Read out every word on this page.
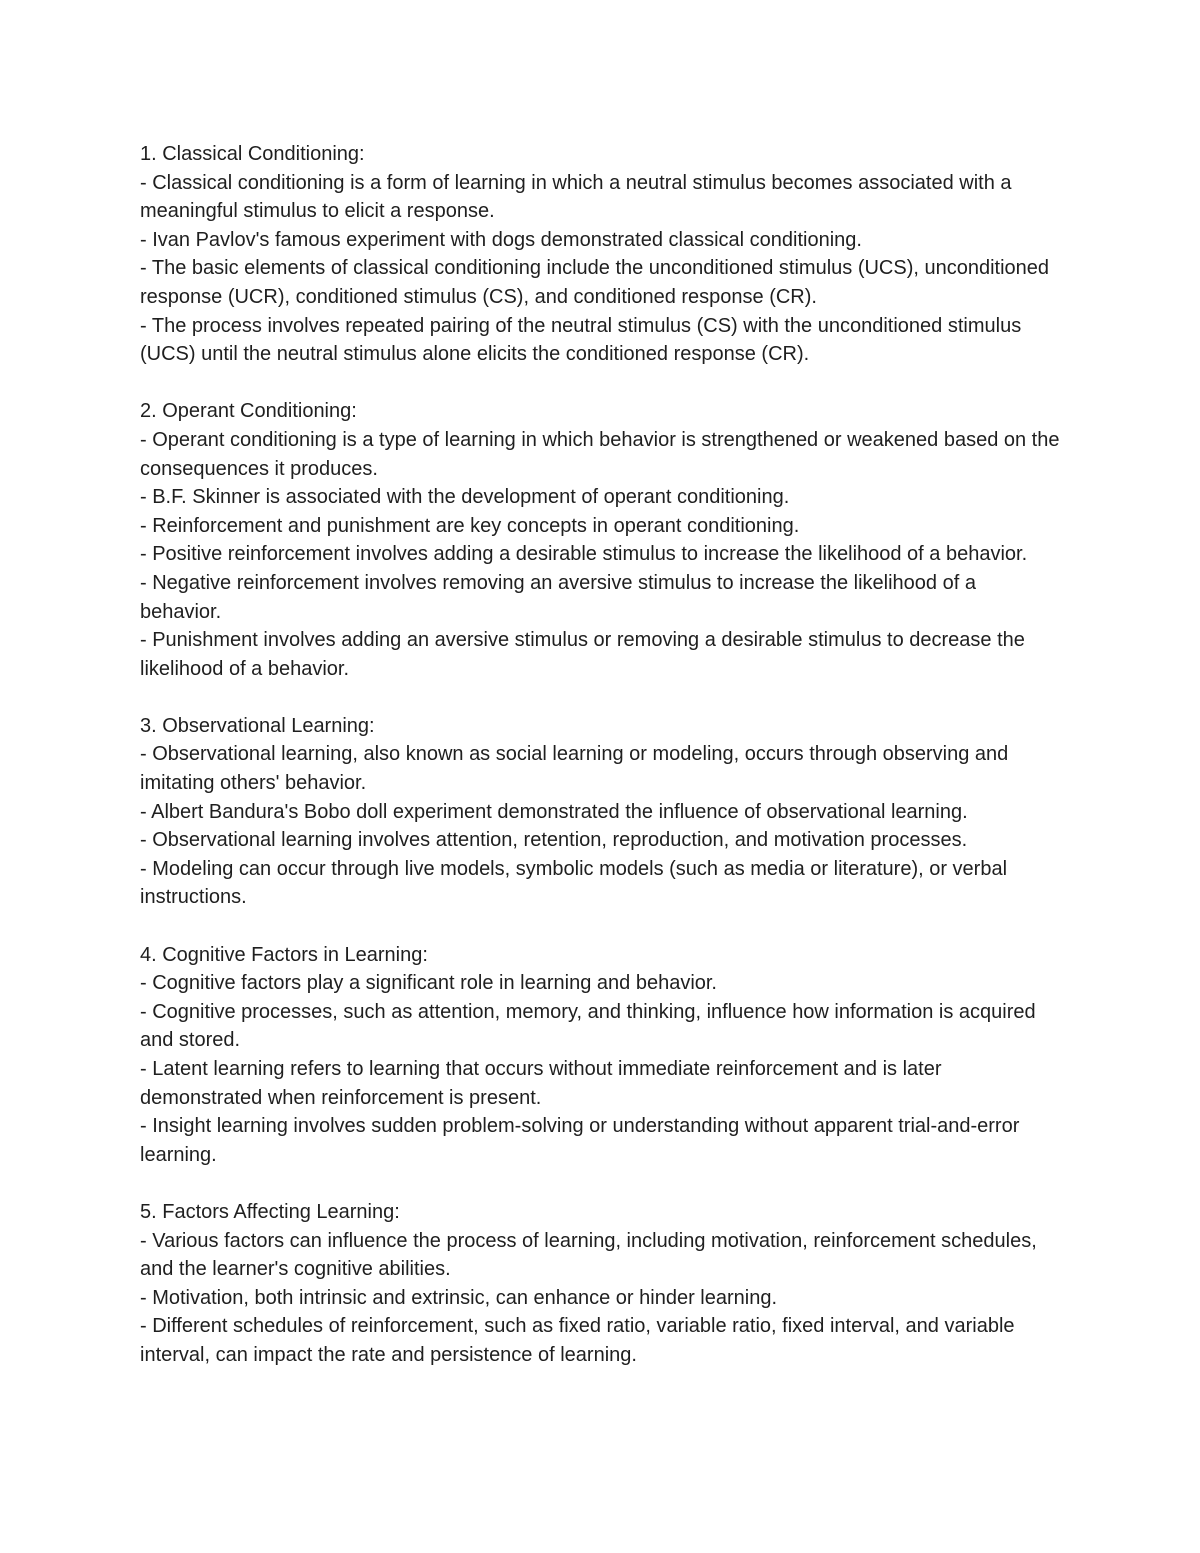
1. Classical Conditioning:
- Classical conditioning is a form of learning in which a neutral stimulus becomes associated with a meaningful stimulus to elicit a response.
- Ivan Pavlov's famous experiment with dogs demonstrated classical conditioning.
- The basic elements of classical conditioning include the unconditioned stimulus (UCS), unconditioned response (UCR), conditioned stimulus (CS), and conditioned response (CR).
- The process involves repeated pairing of the neutral stimulus (CS) with the unconditioned stimulus (UCS) until the neutral stimulus alone elicits the conditioned response (CR).
2. Operant Conditioning:
- Operant conditioning is a type of learning in which behavior is strengthened or weakened based on the consequences it produces.
- B.F. Skinner is associated with the development of operant conditioning.
- Reinforcement and punishment are key concepts in operant conditioning.
- Positive reinforcement involves adding a desirable stimulus to increase the likelihood of a behavior.
- Negative reinforcement involves removing an aversive stimulus to increase the likelihood of a behavior.
- Punishment involves adding an aversive stimulus or removing a desirable stimulus to decrease the likelihood of a behavior.
3. Observational Learning:
- Observational learning, also known as social learning or modeling, occurs through observing and imitating others' behavior.
- Albert Bandura's Bobo doll experiment demonstrated the influence of observational learning.
- Observational learning involves attention, retention, reproduction, and motivation processes.
- Modeling can occur through live models, symbolic models (such as media or literature), or verbal instructions.
4. Cognitive Factors in Learning:
- Cognitive factors play a significant role in learning and behavior.
- Cognitive processes, such as attention, memory, and thinking, influence how information is acquired and stored.
- Latent learning refers to learning that occurs without immediate reinforcement and is later demonstrated when reinforcement is present.
- Insight learning involves sudden problem-solving or understanding without apparent trial-and-error learning.
5. Factors Affecting Learning:
- Various factors can influence the process of learning, including motivation, reinforcement schedules, and the learner's cognitive abilities.
- Motivation, both intrinsic and extrinsic, can enhance or hinder learning.
- Different schedules of reinforcement, such as fixed ratio, variable ratio, fixed interval, and variable interval, can impact the rate and persistence of learning.
